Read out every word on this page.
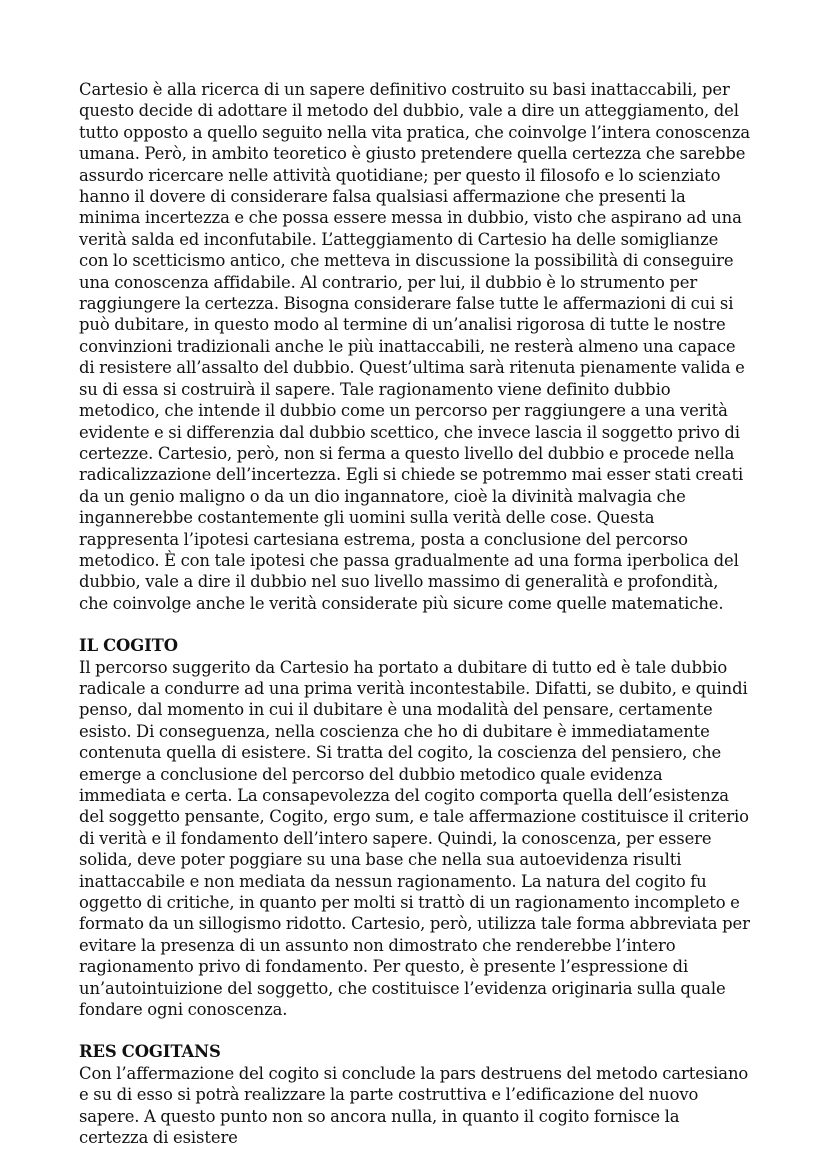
Cartesio è alla ricerca di un sapere definitivo costruito su basi inattaccabili, per questo decide di adottare il metodo del dubbio, vale a dire un atteggiamento, del tutto opposto a quello seguito nella vita pratica, che coinvolge l’intera conoscenza umana. Però, in ambito teoretico è giusto pretendere quella certezza che sarebbe assurdo ricercare nelle attività quotidiane; per questo il filosofo e lo scienziato hanno il dovere di considerare falsa qualsiasi affermazione che presenti la minima incertezza e che possa essere messa in dubbio, visto che aspirano ad una verità salda ed inconfutabile. L’atteggiamento di Cartesio ha delle somiglianze con lo scetticismo antico, che metteva in discussione la possibilità di conseguire una conoscenza affidabile. Al contrario, per lui, il dubbio è lo strumento per raggiungere la certezza. Bisogna considerare false tutte le affermazioni di cui si può dubitare, in questo modo al termine di un’analisi rigorosa di tutte le nostre convinzioni tradizionali anche le più inattaccabili, ne resterà almeno una capace di resistere all’assalto del dubbio. Quest’ultima sarà ritenuta pienamente valida e su di essa si costruirà il sapere. Tale ragionamento viene definito dubbio metodico, che intende il dubbio come un percorso per raggiungere a una verità evidente e si differenzia dal dubbio scettico, che invece lascia il soggetto privo di certezze. Cartesio, però, non si ferma a questo livello del dubbio e procede nella radicalizzazione dell’incertezza. Egli si chiede se potremmo mai esser stati creati da un genio maligno o da un dio ingannatore, cioè la divinità malvagia che ingannerebbe costantemente gli uomini sulla verità delle cose. Questa rappresenta l’ipotesi cartesiana estrema, posta a conclusione del percorso metodico. È con tale ipotesi che passa gradualmente ad una forma iperbolica del dubbio, vale a dire il dubbio nel suo livello massimo di generalità e profondità, che coinvolge anche le verità considerate più sicure come quelle matematiche.

IL COGITO

Il percorso suggerito da Cartesio ha portato a dubitare di tutto ed è tale dubbio radicale a condurre ad una prima verità incontestabile. Difatti, se dubito, e quindi penso, dal momento in cui il dubitare è una modalità del pensare, certamente esisto. Di conseguenza, nella coscienza che ho di dubitare è immediatamente contenuta quella di esistere. Si tratta del cogito, la coscienza del pensiero, che emerge a conclusione del percorso del dubbio metodico quale evidenza immediata e certa. La consapevolezza del cogito comporta quella dell’esistenza del soggetto pensante, Cogito, ergo sum, e tale affermazione costituisce il criterio di verità e il fondamento dell’intero sapere. Quindi, la conoscenza, per essere solida, deve poter poggiare su una base che nella sua autoevidenza risulti inattaccabile e non mediata da nessun ragionamento. La natura del cogito fu oggetto di critiche, in quanto per molti si trattò di un ragionamento incompleto e formato da un sillogismo ridotto. Cartesio, però, utilizza tale forma abbreviata per evitare la presenza di un assunto non dimostrato che renderebbe l’intero ragionamento privo di fondamento. Per questo, è presente l’espressione di un’autointuizione del soggetto, che costituisce l’evidenza originaria sulla quale fondare ogni conoscenza.

RES COGITANS

Con l’affermazione del cogito si conclude la pars destruens del metodo cartesiano e su di esso si potrà realizzare la parte costruttiva e l’edificazione del nuovo sapere. A questo punto non so ancora nulla, in quanto il cogito fornisce la certezza di esistere
